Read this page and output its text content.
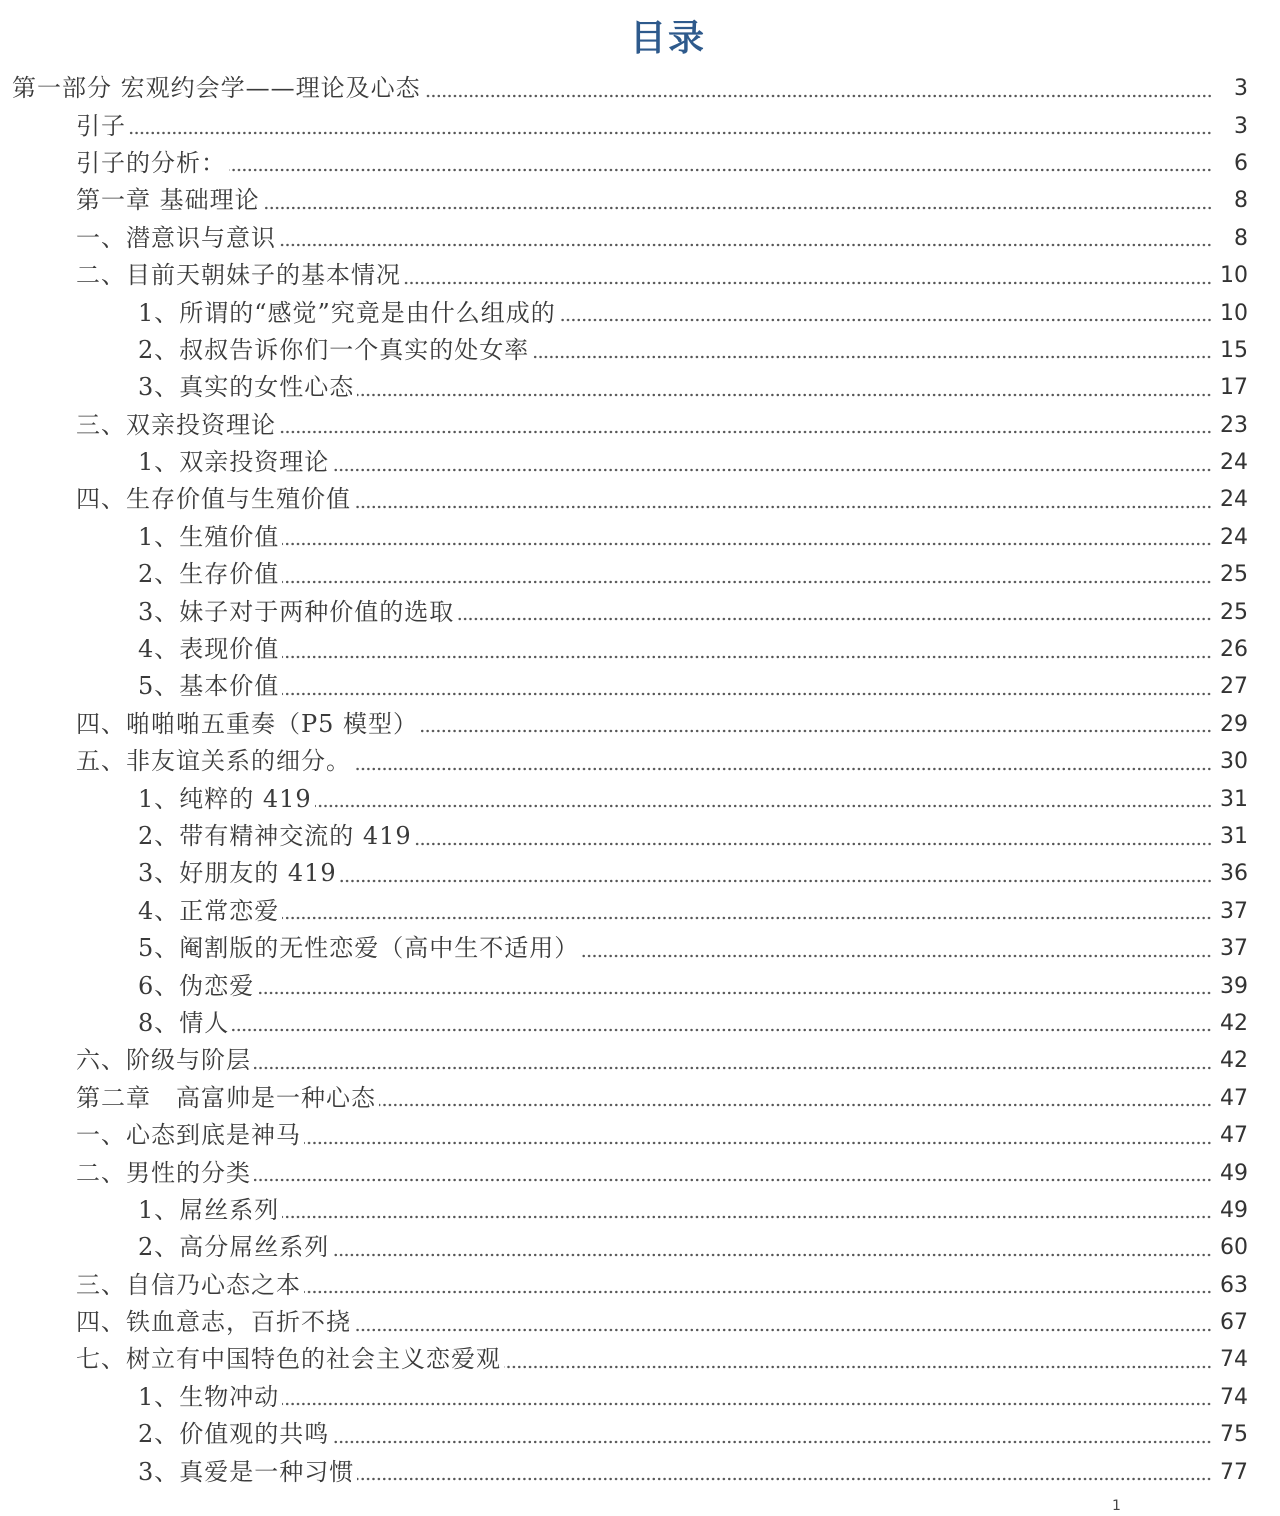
目录
第一部分 宏观约会学——理论及心态	3
引子	3
引子的分析：	6
第一章 基础理论	8
一、潜意识与意识	8
二、目前天朝妹子的基本情况	10
1、所谓的“感觉”究竟是由什么组成的	10
2、叔叔告诉你们一个真实的处女率	15
3、真实的女性心态	17
三、双亲投资理论	23
1、双亲投资理论	24
四、生存价值与生殖价值	24
1、生殖价值	24
2、生存价值	25
3、妹子对于两种价值的选取	25
4、表现价值	26
5、基本价值	27
四、啪啪啪五重奏（P5 模型）	29
五、非友谊关系的细分。	30
1、纯粹的 419	31
2、带有精神交流的 419	31
3、好朋友的 419	36
4、正常恋爱	37
5、阉割版的无性恋爱（高中生不适用）	37
6、伪恋爱	39
8、情人	42
六、阶级与阶层	42
第二章　高富帅是一种心态	47
一、心态到底是神马	47
二、男性的分类	49
1、屌丝系列	49
2、高分屌丝系列	60
三、自信乃心态之本	63
四、铁血意志，百折不挠	67
七、树立有中国特色的社会主义恋爱观	74
1、生物冲动	74
2、价值观的共鸣	75
3、真爱是一种习惯	77
1
